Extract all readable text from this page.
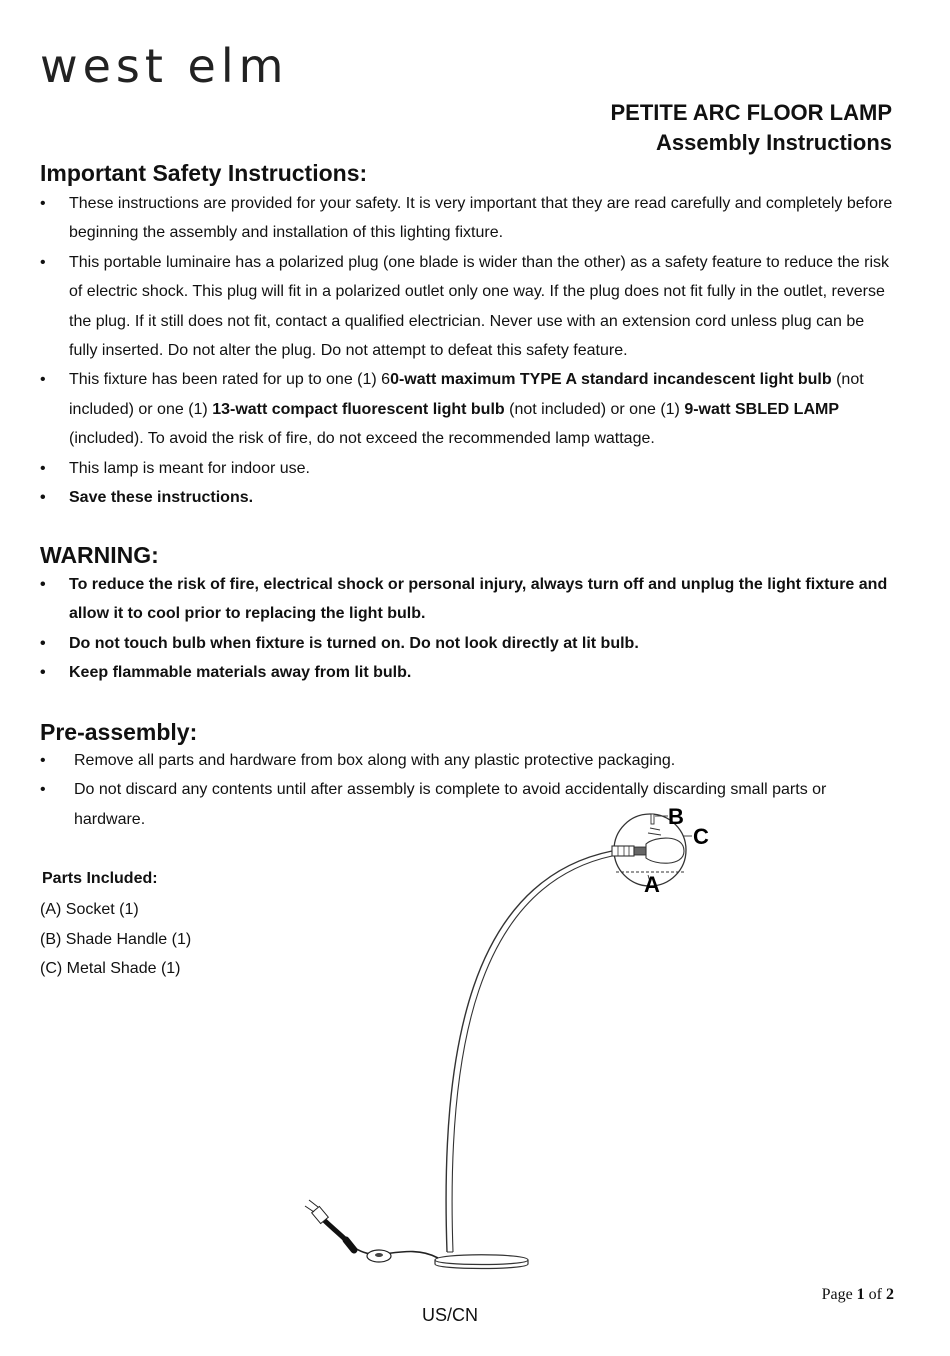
west elm
PETITE ARC FLOOR LAMP
Assembly Instructions
Important Safety Instructions:
• These instructions are provided for your safety. It is very important that they are read carefully and completely before beginning the assembly and installation of this lighting fixture.
• This portable luminaire has a polarized plug (one blade is wider than the other) as a safety feature to reduce the risk of electric shock. This plug will fit in a polarized outlet only one way. If the plug does not fit fully in the outlet, reverse the plug. If it still does not fit, contact a qualified electrician. Never use with an extension cord unless plug can be fully inserted. Do not alter the plug. Do not attempt to defeat this safety feature.
• This fixture has been rated for up to one (1) 60-watt maximum TYPE A standard incandescent light bulb (not included) or one (1) 13-watt compact fluorescent light bulb (not included) or one (1) 9-watt SBLED LAMP (included). To avoid the risk of fire, do not exceed the recommended lamp wattage.
• This lamp is meant for indoor use.
• Save these instructions.
WARNING:
• To reduce the risk of fire, electrical shock or personal injury, always turn off and unplug the light fixture and allow it to cool prior to replacing the light bulb.
• Do not touch bulb when fixture is turned on. Do not look directly at lit bulb.
• Keep flammable materials away from lit bulb.
Pre-assembly:
• Remove all parts and hardware from box along with any plastic protective packaging.
• Do not discard any contents until after assembly is complete to avoid accidentally discarding small parts or hardware.
Parts Included:
(A) Socket (1)
(B) Shade Handle (1)
(C) Metal Shade (1)
B
C
A
Page 1 of 2
US/CN
